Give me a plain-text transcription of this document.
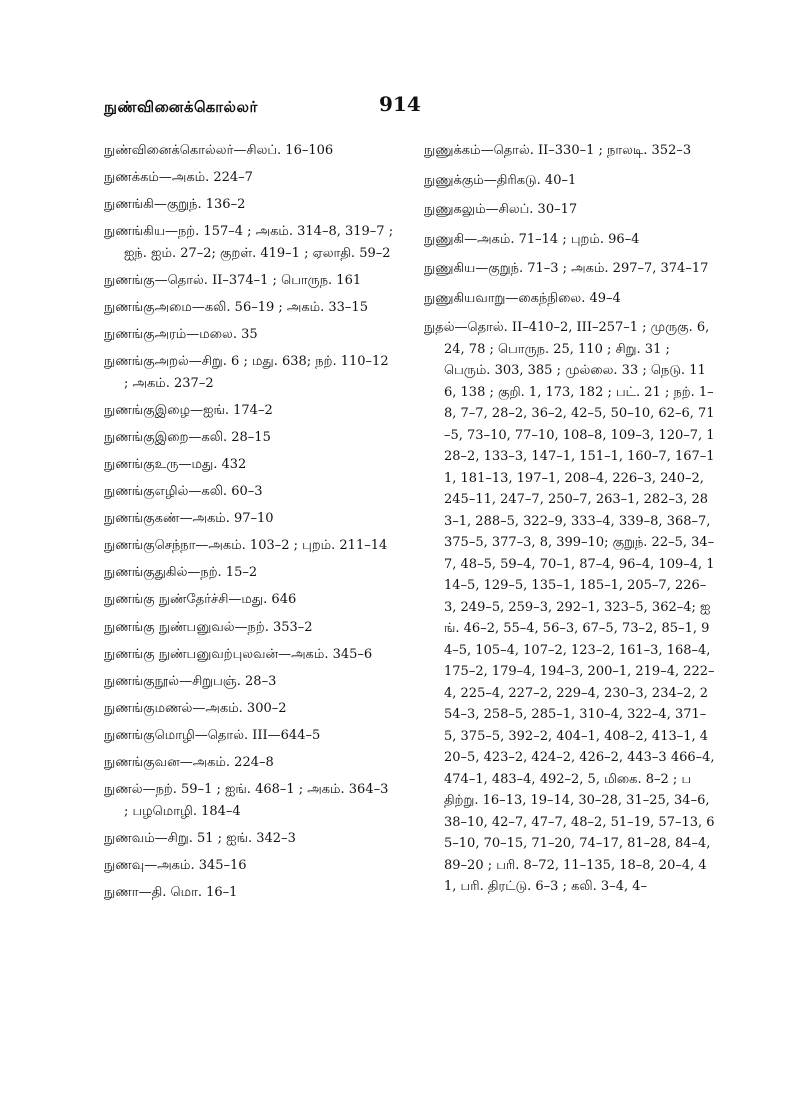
நுண்வினைக்கொல்லர்	914

நுண்வினைக்கொல்லர்—சிலப். 16–106

நுணக்கம்—அகம். 224–7

நுணங்கி—குறுந். 136–2

நுணங்கிய—நற். 157–4 ; அகம். 314–8, 319–7 ; ஐந். ஐம். 27–2; குறள். 419–1 ; ஏலாதி. 59–2

நுணங்கு—தொல். II–374–1 ; பொருந. 161

நுணங்குஅமை—கலி. 56–19 ; அகம். 33–15

நுணங்குஅரம்—மலை. 35

நுணங்குஅறல்—சிறு. 6 ; மது. 638; நற். 110–12 ; அகம். 237–2

நுணங்குஇழை—ஐங். 174–2

நுணங்குஇறை—கலி. 28–15

நுணங்குஉரு—மது. 432

நுணங்குஎழில்—கலி. 60–3

நுணங்குகண்—அகம். 97–10

நுணங்குசெந்நா—அகம். 103–2 ; புறம். 211–14

நுணங்குதுகில்—நற். 15–2

நுணங்கு நுண்தேர்ச்சி—மது. 646

நுணங்கு நுண்பனுவல்—நற். 353–2

நுணங்கு நுண்பனுவற்புலவன்—அகம். 345–6

நுணங்குநூல்—சிறுபஞ். 28–3

நுணங்குமணல்—அகம். 300–2

நுணங்குமொழி—தொல். III—644–5

நுணங்குவன—அகம். 224–8

நுணல்—நற். 59–1 ; ஐங். 468–1 ; அகம். 364–3 ; பழமொழி. 184–4

நுணவம்—சிறு. 51 ; ஐங். 342–3

நுணவு—அகம். 345–16

நுணா—தி. மொ. 16–1

நுணுக்கம்—தொல். II–330–1 ; நாலடி. 352–3

நுணுக்கும்—திரிகடு. 40–1

நுணுகலும்—சிலப். 30–17

நுணுகி—அகம். 71–14 ; புறம். 96–4

நுணுகிய—குறுந். 71–3 ; அகம். 297–7, 374–17

நுணுகியவாறு—கைந்நிலை. 49–4

நுதல்—தொல். II–410–2, III–257–1 ; முருகு. 6, 24, 78 ; பொருந. 25, 110 ; சிறு. 31 ; பெரும். 303, 385 ; முல்லை. 33 ; நெடு. 116, 138 ; குறி. 1, 173, 182 ; பட். 21 ; நற். 1–8, 7–7, 28–2, 36–2, 42–5, 50–10, 62–6, 71–5, 73–10, 77–10, 108–8, 109–3, 120–7, 128–2, 133–3, 147–1, 151–1, 160–7, 167–11, 181–13, 197–1, 208–4, 226–3, 240–2, 245–11, 247–7, 250–7, 263–1, 282–3, 283–1, 288–5, 322–9, 333–4, 339–8, 368–7,375–5, 377–3, 8, 399–10; குறுந். 22–5, 34–7, 48–5, 59–4, 70–1, 87–4, 96–4, 109–4, 114–5, 129–5, 135–1, 185–1, 205–7, 226–3, 249–5, 259–3, 292–1, 323–5, 362–4; ஐங். 46–2, 55–4, 56–3, 67–5, 73–2, 85–1, 94–5, 105–4, 107–2, 123–2, 161–3, 168–4, 175–2, 179–4, 194–3, 200–1, 219–4, 222–4, 225–4, 227–2, 229–4, 230–3, 234–2, 254–3, 258–5, 285–1, 310–4, 322–4, 371–5, 375–5, 392–2, 404–1, 408–2, 413–1, 420–5, 423–2, 424–2, 426–2, 443–3 466–4, 474–1, 483–4, 492–2, 5, மிகை. 8–2 ; பதிற்று. 16–13, 19–14, 30–28, 31–25, 34–6, 38–10, 42–7, 47–7, 48–2, 51–19, 57–13, 65–10, 70–15, 71–20, 74–17, 81–28, 84–4, 89–20 ; பரி. 8–72, 11–135, 18–8, 20–4, 41, பரி. திரட்டு. 6–3 ; கலி. 3–4, 4–
